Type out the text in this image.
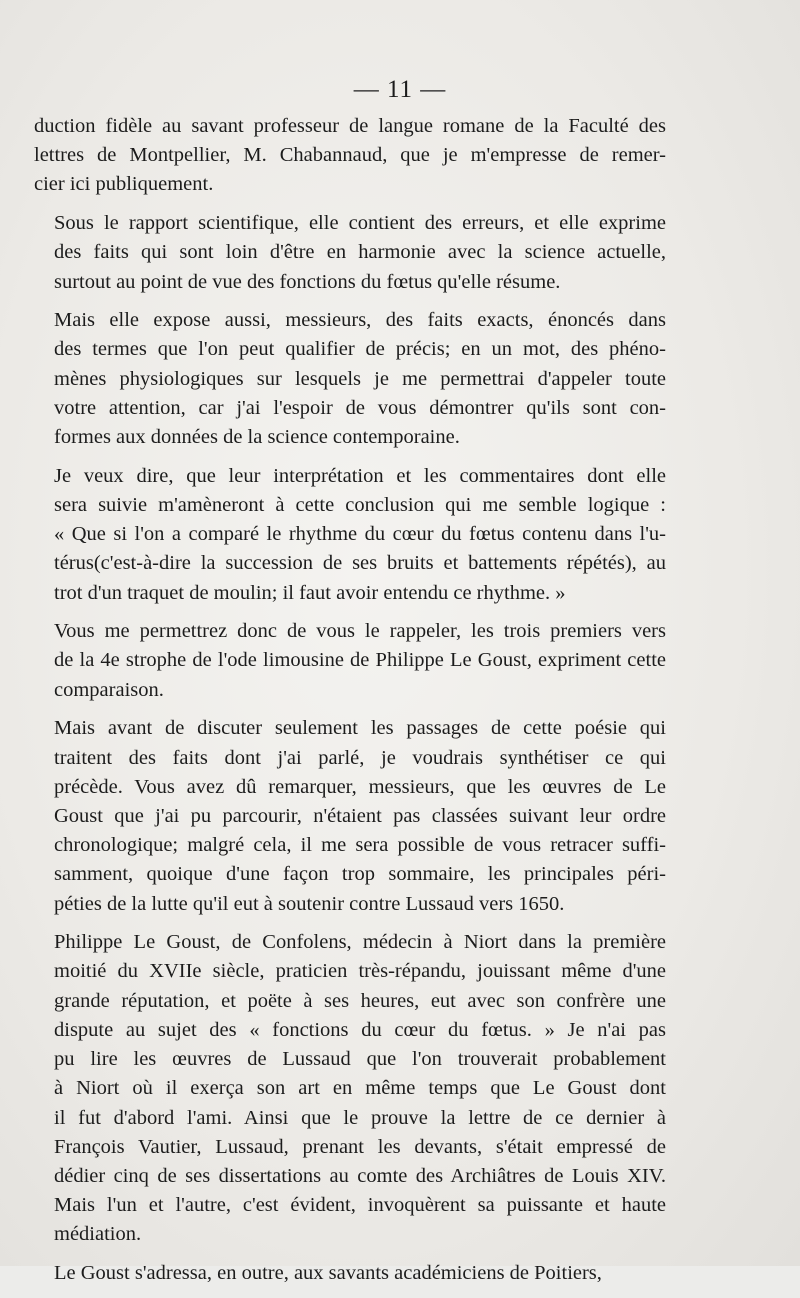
— 11 —
duction fidèle au savant professeur de langue romane de la Faculté des
lettres de Montpellier, M. Chabannaud, que je m'empresse de remer-
cier ici publiquement.
Sous le rapport scientifique, elle contient des erreurs, et elle exprime
des faits qui sont loin d'être en harmonie avec la science actuelle,
surtout au point de vue des fonctions du fœtus qu'elle résume.
Mais elle expose aussi, messieurs, des faits exacts, énoncés dans
des termes que l'on peut qualifier de précis; en un mot, des phéno-
mènes physiologiques sur lesquels je me permettrai d'appeler toute
votre attention, car j'ai l'espoir de vous démontrer qu'ils sont con-
formes aux données de la science contemporaine.
Je veux dire, que leur interprétation et les commentaires dont elle
sera suivie m'amèneront à cette conclusion qui me semble logique :
« Que si l'on a comparé le rhythme du cœur du fœtus contenu dans l'u-
térus(c'est-à-dire la succession de ses bruits et battements répétés), au
trot d'un traquet de moulin; il faut avoir entendu ce rhythme. »
Vous me permettrez donc de vous le rappeler, les trois premiers vers
de la 4e strophe de l'ode limousine de Philippe Le Goust, expriment cette
comparaison.
Mais avant de discuter seulement les passages de cette poésie qui
traitent des faits dont j'ai parlé, je voudrais synthétiser ce qui
précède. Vous avez dû remarquer, messieurs, que les œuvres de Le
Goust que j'ai pu parcourir, n'étaient pas classées suivant leur ordre
chronologique; malgré cela, il me sera possible de vous retracer suffi-
samment, quoique d'une façon trop sommaire, les principales péri-
péties de la lutte qu'il eut à soutenir contre Lussaud vers 1650.
Philippe Le Goust, de Confolens, médecin à Niort dans la première
moitié du XVIIe siècle, praticien très-répandu, jouissant même d'une
grande réputation, et poëte à ses heures, eut avec son confrère une
dispute au sujet des « fonctions du cœur du fœtus. » Je n'ai pas
pu lire les œuvres de Lussaud que l'on trouverait probablement
à Niort où il exerça son art en même temps que Le Goust dont
il fut d'abord l'ami. Ainsi que le prouve la lettre de ce dernier à
François Vautier, Lussaud, prenant les devants, s'était empressé de
dédier cinq de ses dissertations au comte des Archiâtres de Louis XIV.
Mais l'un et l'autre, c'est évident, invoquèrent sa puissante et haute
médiation.
Le Goust s'adressa, en outre, aux savants académiciens de Poitiers,
